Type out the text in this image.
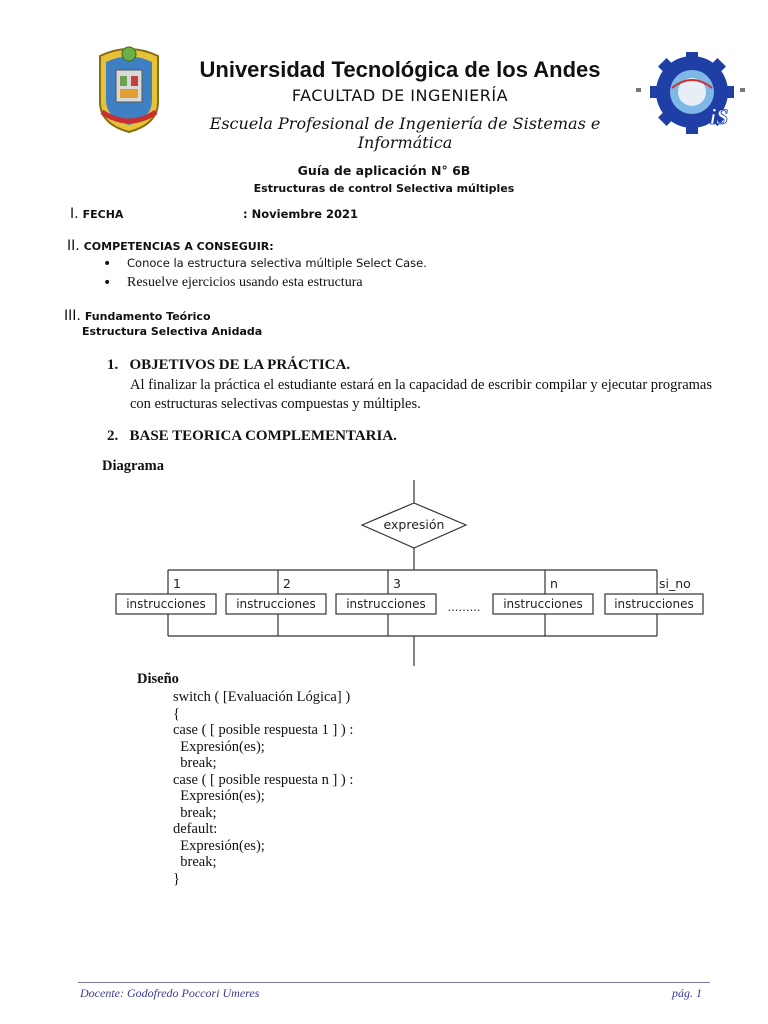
iS
Universidad Tecnológica de los Andes
FACULTAD DE INGENIERÍA
Escuela Profesional de Ingeniería de Sistemas e Informática
Guía de aplicación N° 6B
Estructuras de control Selectiva múltiples
I. FECHA	: Noviembre 2021
II. COMPETENCIAS A CONSEGUIR:
• Conoce la estructura selectiva múltiple Select Case.
• Resuelve ejercicios usando esta estructura
III. Fundamento Teórico
Estructura Selectiva Anidada
1. OBJETIVOS DE LA PRÁCTICA.
Al finalizar la práctica el estudiante estará en la capacidad de escribir compilar y ejecutar programas con estructuras selectivas compuestas y múltiples.
2. BASE TEORICA COMPLEMENTARIA.
Diagrama
expresión
1	2	3	n	si_no
instrucciones	instrucciones	instrucciones	instrucciones	instrucciones
………
Diseño
switch ( [Evaluación Lógica] )
{
case ( [ posible respuesta 1 ] ) :
Expresión(es);
break;
case ( [ posible respuesta n ] ) :
Expresión(es);
break;
default:
Expresión(es);
break;
}
Docente: Godofredo Poccori Umeres	pág. 1
